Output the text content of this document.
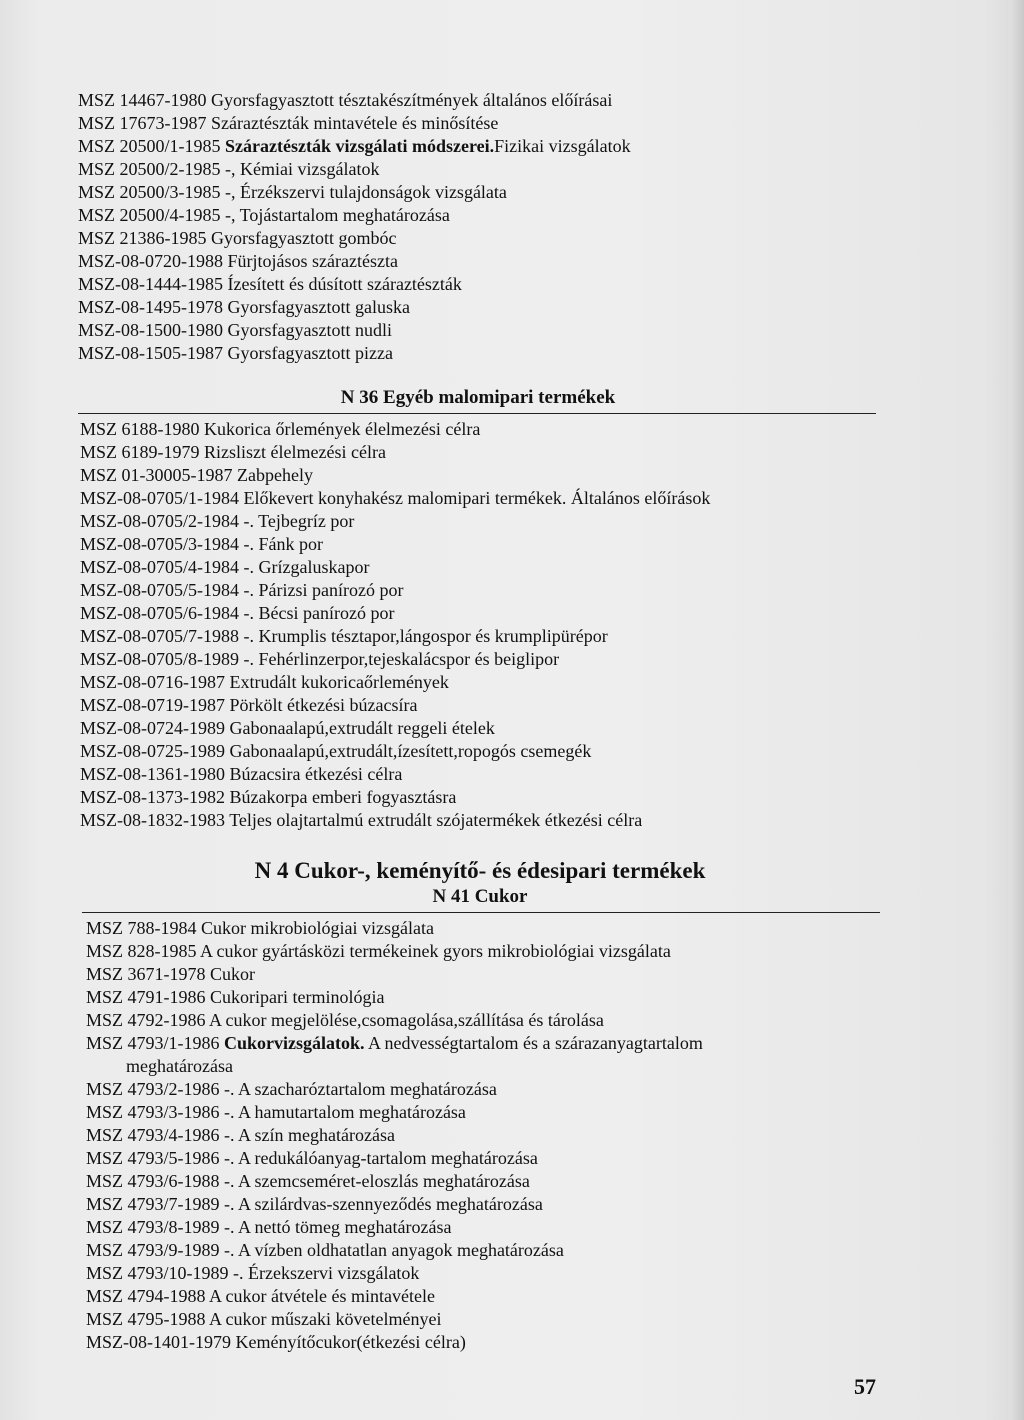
MSZ 14467-1980 Gyorsfagyasztott tésztakészítmények általános előírásai
MSZ 17673-1987 Száraztészták mintavétele és minősítése
MSZ 20500/1-1985 Száraztészták vizsgálati módszerei.Fizikai vizsgálatok
MSZ 20500/2-1985 -, Kémiai vizsgálatok
MSZ 20500/3-1985 -, Érzékszervi tulajdonságok vizsgálata
MSZ 20500/4-1985 -, Tojástartalom meghatározása
MSZ 21386-1985 Gyorsfagyasztott gombóc
MSZ-08-0720-1988 Fürjtojásos száraztészta
MSZ-08-1444-1985 Ízesített és dúsított száraztészták
MSZ-08-1495-1978 Gyorsfagyasztott galuska
MSZ-08-1500-1980 Gyorsfagyasztott nudli
MSZ-08-1505-1987 Gyorsfagyasztott pizza
N 36 Egyéb malomipari termékek
MSZ 6188-1980 Kukorica őrlemények élelmezési célra
MSZ 6189-1979 Rizsliszt élelmezési célra
MSZ 01-30005-1987 Zabpehely
MSZ-08-0705/1-1984 Előkevert konyhakész malomipari termékek. Általános előírások
MSZ-08-0705/2-1984 -. Tejbegríz por
MSZ-08-0705/3-1984 -. Fánk por
MSZ-08-0705/4-1984 -. Grízgaluskapor
MSZ-08-0705/5-1984 -. Párizsi panírozó por
MSZ-08-0705/6-1984 -. Bécsi panírozó por
MSZ-08-0705/7-1988 -. Krumplis tésztapor,lángospor és krumplipürépor
MSZ-08-0705/8-1989 -. Fehérlinzerpor,tejeskalácspor és beiglipor
MSZ-08-0716-1987 Extrudált kukoricaőrlemények
MSZ-08-0719-1987 Pörkölt étkezési búzacsíra
MSZ-08-0724-1989 Gabonaalapú,extrudált reggeli ételek
MSZ-08-0725-1989 Gabonaalapú,extrudált,ízesített,ropogós csemegék
MSZ-08-1361-1980 Búzacsira étkezési célra
MSZ-08-1373-1982 Búzakorpa emberi fogyasztásra
MSZ-08-1832-1983 Teljes olajtartalmú extrudált szójatermékek étkezési célra
N 4 Cukor-, keményítő- és édesipari termékek
N 41 Cukor
MSZ 788-1984 Cukor mikrobiológiai vizsgálata
MSZ 828-1985 A cukor gyártásközi termékeinek gyors mikrobiológiai vizsgálata
MSZ 3671-1978 Cukor
MSZ 4791-1986 Cukoripari terminológia
MSZ 4792-1986 A cukor megjelölése,csomagolása,szállítása és tárolása
MSZ 4793/1-1986 Cukorvizsgálatok. A nedvességtartalom és a szárazanyagtartalom
meghatározása
MSZ 4793/2-1986 -. A szacharóztartalom meghatározása
MSZ 4793/3-1986 -. A hamutartalom meghatározása
MSZ 4793/4-1986 -. A szín meghatározása
MSZ 4793/5-1986 -. A redukálóanyag-tartalom meghatározása
MSZ 4793/6-1988 -. A szemcseméret-eloszlás meghatározása
MSZ 4793/7-1989 -. A szilárdvas-szennyeződés meghatározása
MSZ 4793/8-1989 -. A nettó tömeg meghatározása
MSZ 4793/9-1989 -. A vízben oldhatatlan anyagok meghatározása
MSZ 4793/10-1989 -. Érzekszervi vizsgálatok
MSZ 4794-1988 A cukor átvétele és mintavétele
MSZ 4795-1988 A cukor műszaki követelményei
MSZ-08-1401-1979 Keményítőcukor(étkezési célra)
57
